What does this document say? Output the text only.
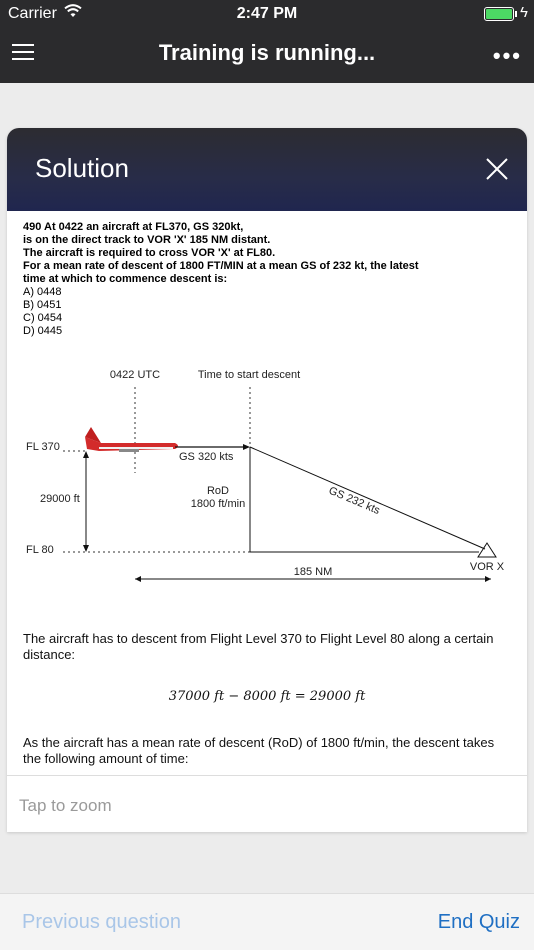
Carrier	2:47 PM	ϟ
Training is running...	•••
Solution

490 At 0422 an aircraft at FL370, GS 320kt,

is on the direct track to VOR 'X' 185 NM distant.

The aircraft is required to cross VOR 'X' at FL80.

For a mean rate of descent of 1800 FT/MIN at a mean GS of 232 kt, the latest

time at which to commence descent is:

A) 0448

B) 0451

C) 0454

D) 0445

0422 UTC	Time to start descent
FL 370
FL 80
GS 320 kts
29000 ft
RoD
1800 ft/min	GS 232 kts
VOR X
185 NM
The aircraft has to descent from Flight Level 370 to Flight Level 80 along a certain distance:
37000 ft − 8000 ft = 29000 ft
As the aircraft has a mean rate of descent (RoD) of 1800 ft/min, the descent takes the following amount of time:
Tap to zoom
Previous question	End Quiz
